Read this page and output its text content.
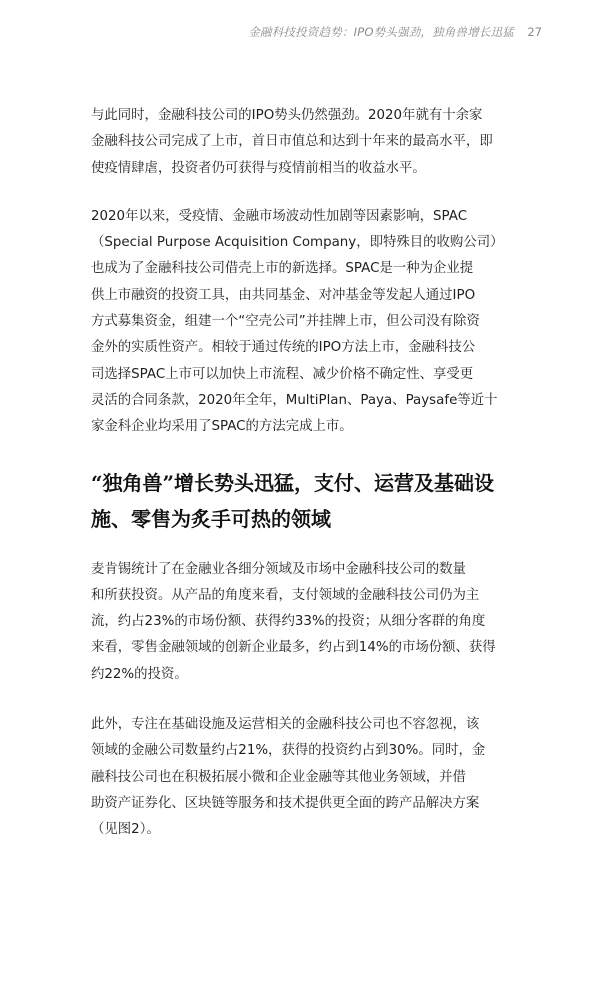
金融科技投资趋势：IPO势头强劲，独角兽增长迅猛 27

与此同时，金融科技公司的IPO势头仍然强劲。2020年就有十余家
金融科技公司完成了上市，首日市值总和达到十年来的最高水平，即
使疫情肆虐，投资者仍可获得与疫情前相当的收益水平。

2020年以来，受疫情、金融市场波动性加剧等因素影响，SPAC
（Special Purpose Acquisition Company，即特殊目的收购公司）
也成为了金融科技公司借壳上市的新选择。SPAC是一种为企业提
供上市融资的投资工具，由共同基金、对冲基金等发起人通过IPO
方式募集资金，组建一个“空壳公司”并挂牌上市，但公司没有除资
金外的实质性资产。相较于通过传统的IPO方法上市，金融科技公
司选择SPAC上市可以加快上市流程、减少价格不确定性、享受更
灵活的合同条款，2020年全年，MultiPlan、Paya、Paysafe等近十
家金科企业均采用了SPAC的方法完成上市。

“独角兽”增长势头迅猛，支付、运营及基础设
施、零售为炙手可热的领域

麦肯锡统计了在金融业各细分领域及市场中金融科技公司的数量
和所获投资。从产品的角度来看，支付领域的金融科技公司仍为主
流，约占23%的市场份额、获得约33%的投资；从细分客群的角度
来看，零售金融领域的创新企业最多，约占到14%的市场份额、获得
约22%的投资。

此外，专注在基础设施及运营相关的金融科技公司也不容忽视，该
领域的金融公司数量约占21%，获得的投资约占到30%。同时，金
融科技公司也在积极拓展小微和企业金融等其他业务领域，并借
助资产证券化、区块链等服务和技术提供更全面的跨产品解决方案
（见图2）。
